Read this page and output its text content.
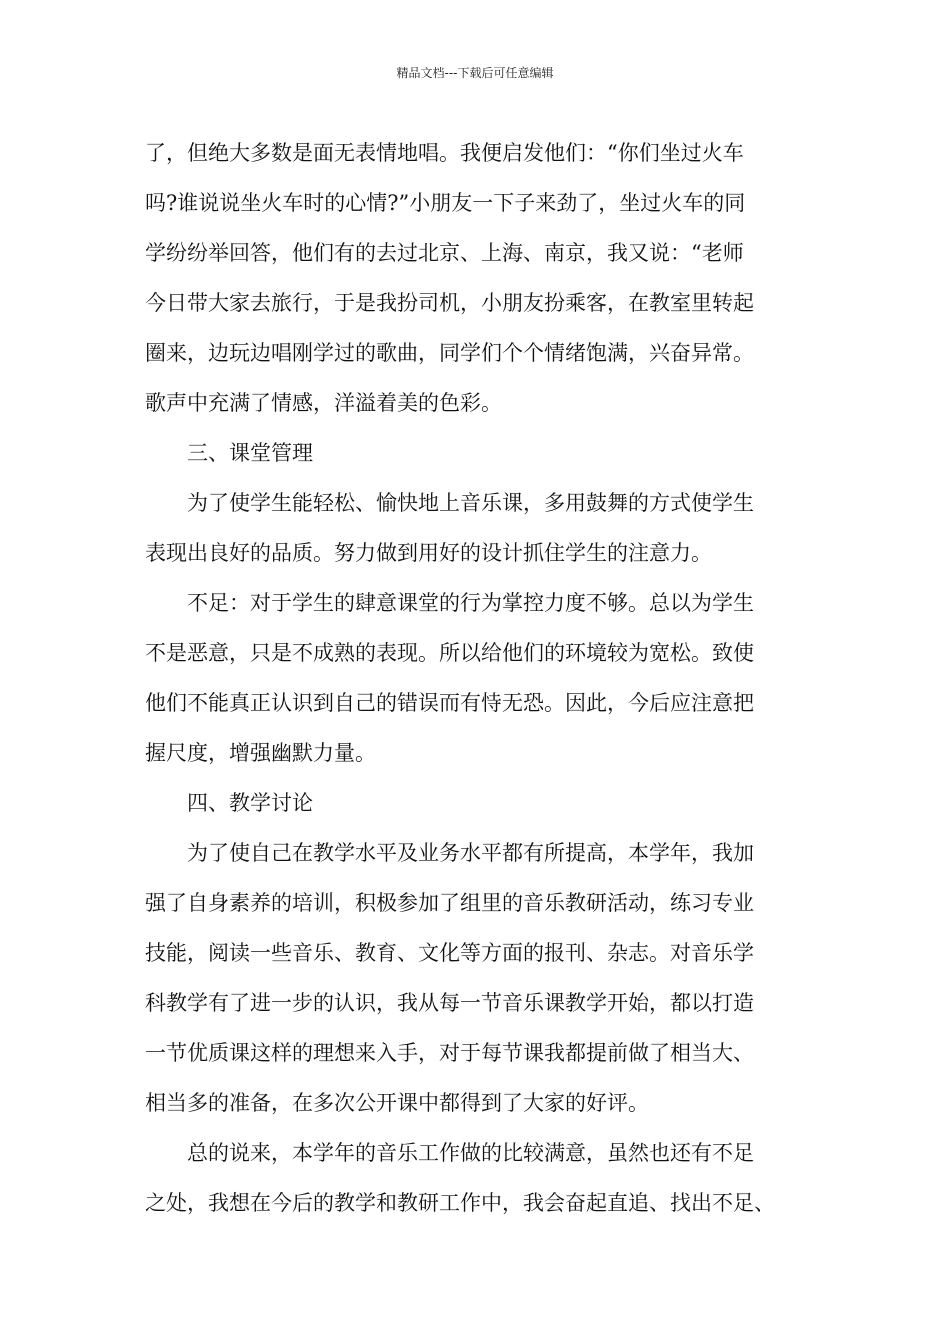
精品文档---下载后可任意编辑
了，但绝大多数是面无表情地唱。我便启发他们：“你们坐过火车
吗?谁说说坐火车时的心情?”小朋友一下子来劲了，坐过火车的同
学纷纷举回答，他们有的去过北京、上海、南京，我又说：“老师
今日带大家去旅行，于是我扮司机，小朋友扮乘客，在教室里转起
圈来，边玩边唱刚学过的歌曲，同学们个个情绪饱满，兴奋异常。
歌声中充满了情感，洋溢着美的色彩。
　　三、课堂管理
　　为了使学生能轻松、愉快地上音乐课，多用鼓舞的方式使学生
表现出良好的品质。努力做到用好的设计抓住学生的注意力。
　　不足：对于学生的肆意课堂的行为掌控力度不够。总以为学生
不是恶意，只是不成熟的表现。所以给他们的环境较为宽松。致使
他们不能真正认识到自己的错误而有恃无恐。因此，今后应注意把
握尺度，增强幽默力量。
　　四、教学讨论
　　为了使自己在教学水平及业务水平都有所提高，本学年，我加
强了自身素养的培训，积极参加了组里的音乐教研活动，练习专业
技能，阅读一些音乐、教育、文化等方面的报刊、杂志。对音乐学
科教学有了进一步的认识，我从每一节音乐课教学开始，都以打造
一节优质课这样的理想来入手，对于每节课我都提前做了相当大、
相当多的准备，在多次公开课中都得到了大家的好评。
　　总的说来，本学年的音乐工作做的比较满意，虽然也还有不足
之处，我想在今后的教学和教研工作中，我会奋起直追、找出不足、
